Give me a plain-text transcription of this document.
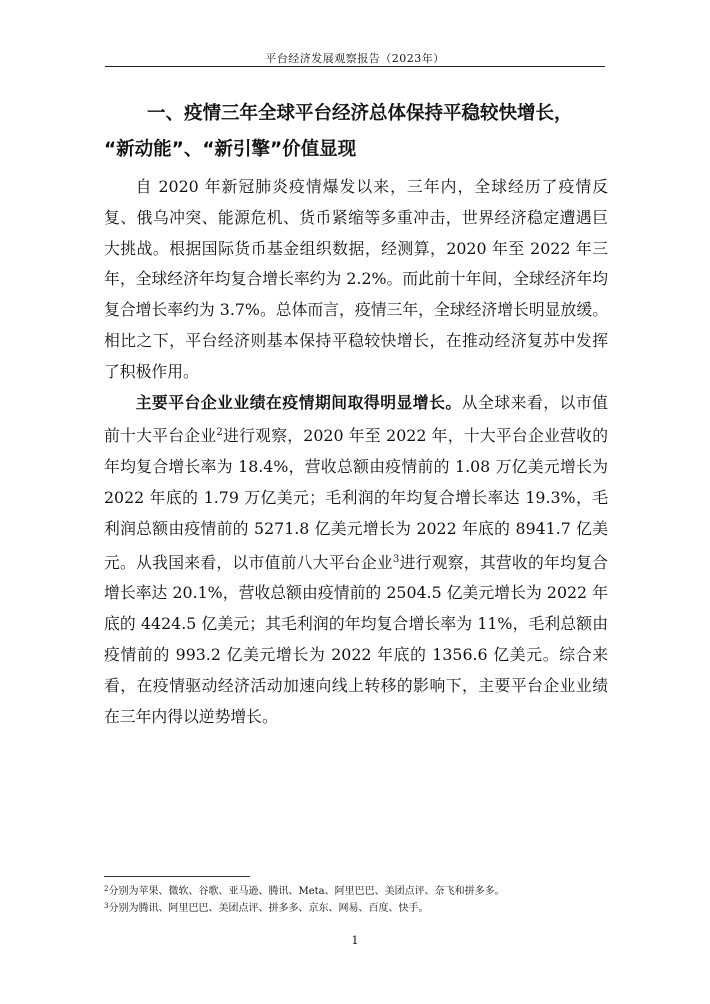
平台经济发展观察报告（2023年）
一、疫情三年全球平台经济总体保持平稳较快增长，
“新动能”、“新引擎”价值显现

自 2020 年新冠肺炎疫情爆发以来，三年内，全球经历了疫情反复、俄乌冲突、能源危机、货币紧缩等多重冲击，世界经济稳定遭遇巨大挑战。根据国际货币基金组织数据，经测算，2020 年至 2022 年三年，全球经济年均复合增长率约为 2.2%。而此前十年间，全球经济年均复合增长率约为 3.7%。总体而言，疫情三年，全球经济增长明显放缓。相比之下，平台经济则基本保持平稳较快增长，在推动经济复苏中发挥了积极作用。

主要平台企业业绩在疫情期间取得明显增长。从全球来看，以市值前十大平台企业$^2$进行观察，2020 年至 2022 年，十大平台企业营收的年均复合增长率为 18.4%，营收总额由疫情前的 1.08 万亿美元增长为 2022 年底的 1.79 万亿美元；毛利润的年均复合增长率达 19.3%，毛利润总额由疫情前的 5271.8 亿美元增长为 2022 年底的 8941.7 亿美元。从我国来看，以市值前八大平台企业$^3$进行观察，其营收的年均复合增长率达 20.1%，营收总额由疫情前的 2504.5 亿美元增长为 2022 年底的 4424.5 亿美元；其毛利润的年均复合增长率为 11%，毛利总额由疫情前的 993.2 亿美元增长为 2022 年底的 1356.6 亿美元。综合来看，在疫情驱动经济活动加速向线上转移的影响下，主要平台企业业绩在三年内得以逆势增长。

$^2$分别为苹果、微软、谷歌、亚马逊、腾讯、Meta、阿里巴巴、美团点评、奈飞和拼多多。
$^3$分别为腾讯、阿里巴巴、美团点评、拼多多、京东、网易、百度、快手。
1
